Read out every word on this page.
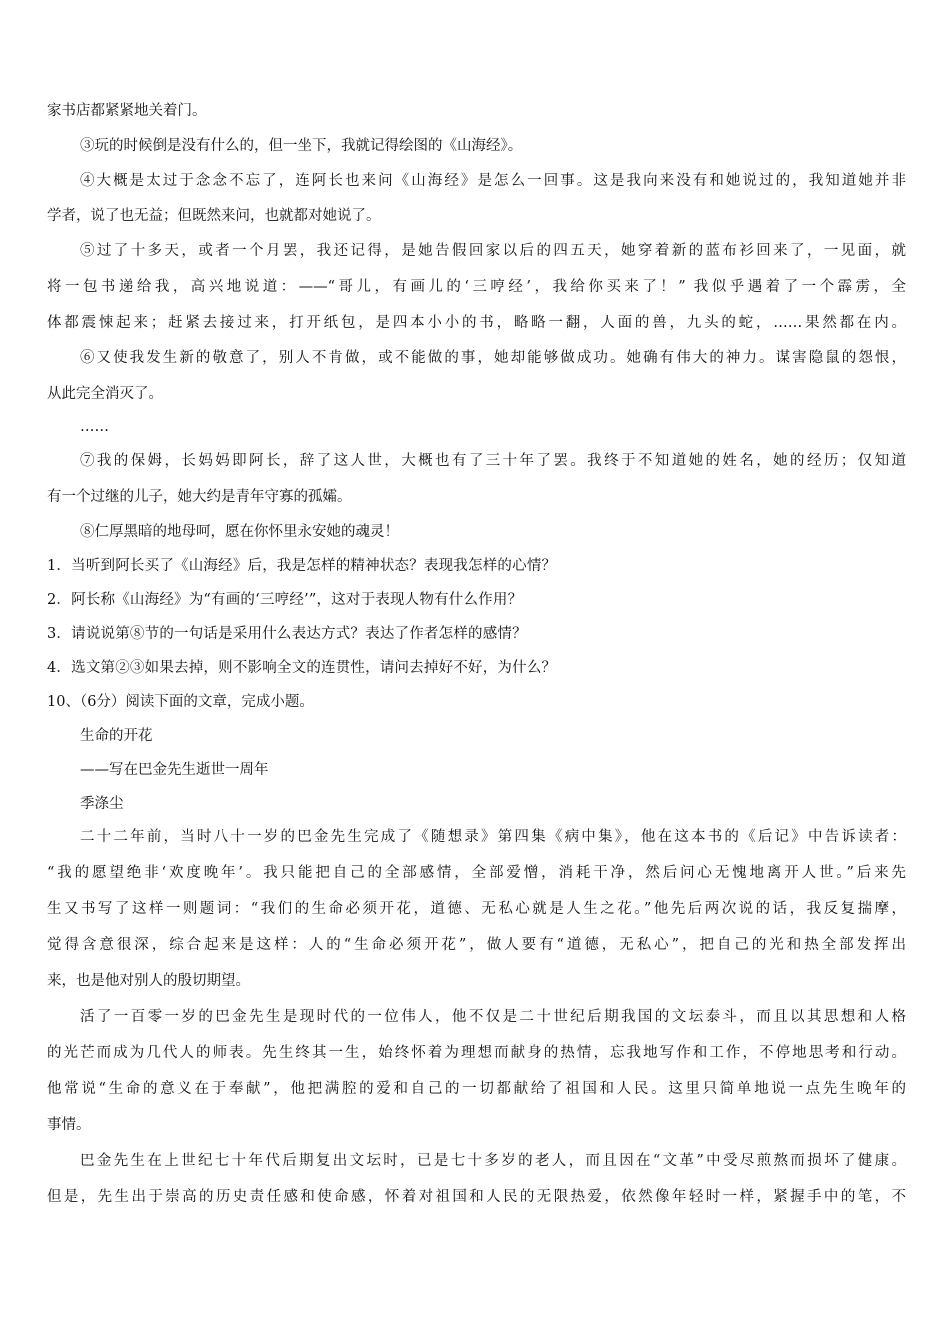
家书店都紧紧地关着门。
③玩的时候倒是没有什么的，但一坐下，我就记得绘图的《山海经》。
④大概是太过于念念不忘了，连阿长也来问《山海经》是怎么一回事。这是我向来没有和她说过的，我知道她并非
学者，说了也无益；但既然来问，也就都对她说了。
⑤过了十多天，或者一个月罢，我还记得，是她告假回家以后的四五天，她穿着新的蓝布衫回来了，一见面，就
将一包书递给我，高兴地说道：——“哥儿，有画儿的‘三哼经’，我给你买来了！” 我似乎遇着了一个霹雳，全
体都震悚起来；赶紧去接过来，打开纸包，是四本小小的书，略略一翻，人面的兽，九头的蛇，……果然都在内。
⑥又使我发生新的敬意了，别人不肯做，或不能做的事，她却能够做成功。她确有伟大的神力。谋害隐鼠的怨恨，
从此完全消灭了。
……
⑦我的保姆，长妈妈即阿长，辞了这人世，大概也有了三十年了罢。我终于不知道她的姓名，她的经历；仅知道
有一个过继的儿子，她大约是青年守寡的孤孀。
⑧仁厚黑暗的地母呵，愿在你怀里永安她的魂灵！
1．当听到阿长买了《山海经》后，我是怎样的精神状态？表现我怎样的心情？
2．阿长称《山海经》为“有画的‘三哼经’”，这对于表现人物有什么作用？
3．请说说第⑧节的一句话是采用什么表达方式？表达了作者怎样的感情？
4．选文第②③如果去掉，则不影响全文的连贯性，请问去掉好不好，为什么？
10、（6分）阅读下面的文章，完成小题。
生命的开花
——写在巴金先生逝世一周年
季涤尘
二十二年前，当时八十一岁的巴金先生完成了《随想录》第四集《病中集》，他在这本书的《后记》中告诉读者：
“我的愿望绝非‘欢度晚年’。我只能把自己的全部感情，全部爱憎，消耗干净，然后问心无愧地离开人世。”后来先
生又书写了这样一则题词：“我们的生命必须开花，道德、无私心就是人生之花。”他先后两次说的话，我反复揣摩，
觉得含意很深，综合起来是这样：人的“生命必须开花”，做人要有“道德，无私心”，把自己的光和热全部发挥出
来，也是他对别人的殷切期望。
活了一百零一岁的巴金先生是现时代的一位伟人，他不仅是二十世纪后期我国的文坛泰斗，而且以其思想和人格
的光芒而成为几代人的师表。先生终其一生，始终怀着为理想而献身的热情，忘我地写作和工作，不停地思考和行动。
他常说“生命的意义在于奉献”，他把满腔的爱和自己的一切都献给了祖国和人民。这里只简单地说一点先生晚年的
事情。
巴金先生在上世纪七十年代后期复出文坛时，已是七十多岁的老人，而且因在“文革”中受尽煎熬而损坏了健康。
但是，先生出于崇高的历史责任感和使命感，怀着对祖国和人民的无限热爱，依然像年轻时一样，紧握手中的笔，不
